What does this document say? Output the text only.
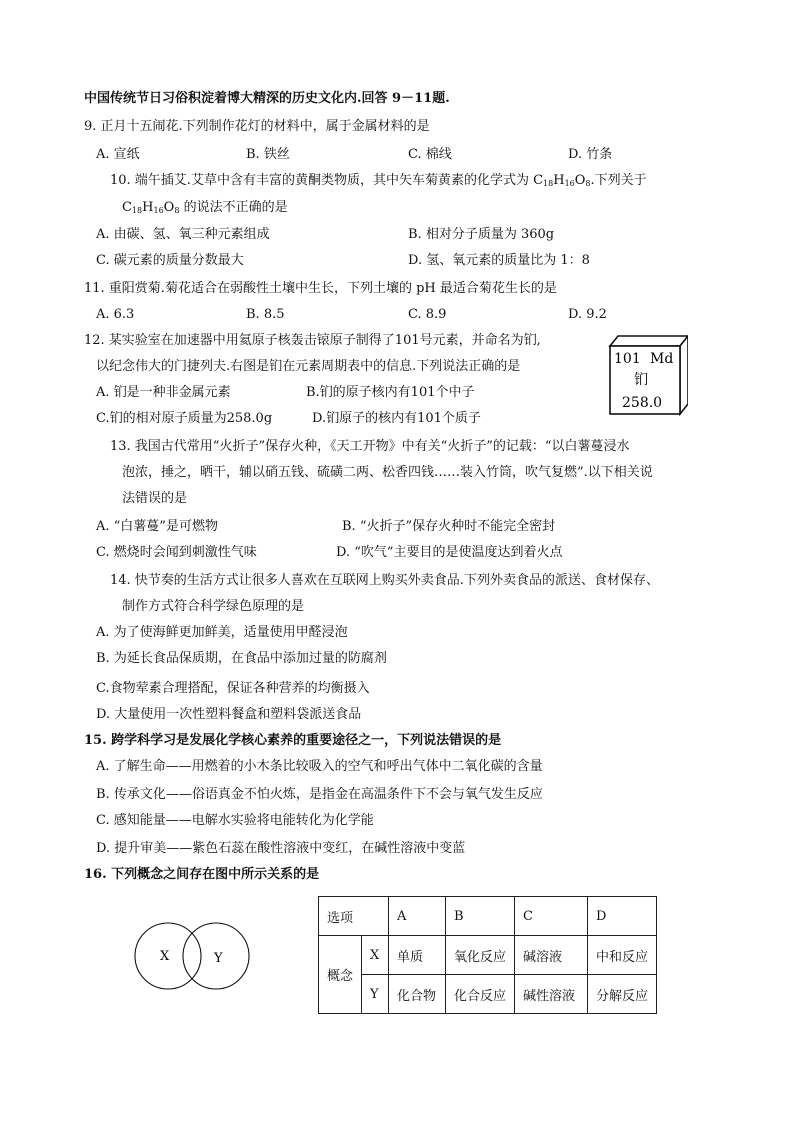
中国传统节日习俗积淀着博大精深的历史文化内.回答 9－11题.
9. 正月十五闹花.下列制作花灯的材料中，属于金属材料的是
A. 宣纸	B. 铁丝	C. 棉线	D. 竹条
10. 端午插艾.艾草中含有丰富的黄酮类物质，其中矢车菊黄素的化学式为 $C_{18}H_{16}O_8$.下列关于
$C_{18}H_{16}O_8$ 的说法不正确的是
A. 由碳、氢、氧三种元素组成	B. 相对分子质量为 360g
C. 碳元素的质量分数最大	D. 氢、氧元素的质量比为 1：8
11. 重阳赏菊.菊花适合在弱酸性土壤中生长，下列土壤的 pH 最适合菊花生长的是
A. 6.3	B. 8.5	C. 8.9	D. 9.2
12. 某实验室在加速器中用氦原子核轰击锿原子制得了101号元素，并命名为钔,
以纪念伟大的门捷列夫.右图是钔在元素周期表中的信息.下列说法正确的是
A. 钔是一种非金属元素	B.钔的原子核内有101个中子
C.钔的相对原子质量为258.0g	D.钔原子的核内有101个质子
101 Md
钔
258.0
13. 我国古代常用“火折子”保存火种，《天工开物》中有关“火折子”的记载：“以白薯蔓浸水
泡浓，捶之，晒干，辅以硝五钱、硫磺二两、松香四钱……装入竹筒，吹气复燃”.以下相关说
法错误的是
A. “白薯蔓”是可燃物	B. “火折子”保存火种时不能完全密封
C. 燃烧时会闻到刺激性气味	D. “吹气”主要目的是使温度达到着火点
14. 快节奏的生活方式让很多人喜欢在互联网上购买外卖食品.下列外卖食品的派送、食材保存、
制作方式符合科学绿色原理的是
A. 为了使海鲜更加鲜美，适量使用甲醛浸泡
B. 为延长食品保质期，在食品中添加过量的防腐剂
C.食物荤素合理搭配，保证各种营养的均衡摄入
D. 大量使用一次性塑料餐盒和塑料袋派送食品
15. 跨学科学习是发展化学核心素养的重要途径之一，下列说法错误的是
A. 了解生命——用燃着的小木条比较吸入的空气和呼出气体中二氧化碳的含量
B. 传承文化——俗语真金不怕火炼，是指金在高温条件下不会与氧气发生反应
C. 感知能量——电解水实验将电能转化为化学能
D. 提升审美——紫色石蕊在酸性溶液中变红，在碱性溶液中变蓝
16. 下列概念之间存在图中所示关系的是
X	Y
选项		A	B	C	D
概念	X	单质	氧化反应	碱溶液	中和反应
	Y	化合物	化合反应	碱性溶液	分解反应
